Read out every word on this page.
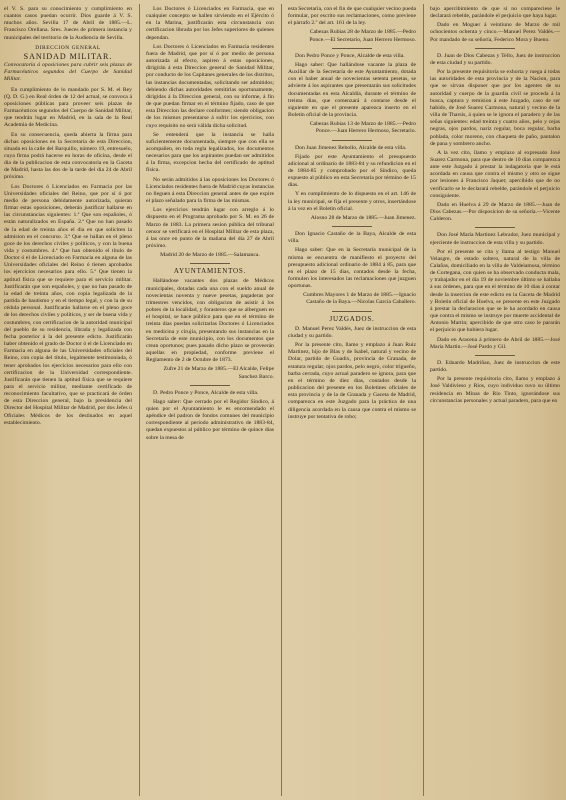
el V. S. para su conocimiento y cumplimiento en cuantos casos puedan ocurrir. Dios guarde á V. S. muchos años. Sevilla 17 de Abril de 1885.—L. Francisco Orellana. Sres. Jueces de primera instancia y municipales del territorio de la Audiencia de Sevilla.

DIRECCION GENERAL
SANIDAD MILITAR.

Convocatoria á oposiciones para cubrir seis plazas de Farmacéuticos segundos del Cuerpo de Sanidad Militar.

En cumplimiento de lo mandado por S. M. el Rey (Q. D. G.) en Real órden de 12 del actual, se convoca á oposiciones públicas para proveer seis plazas de Farmacéuticos segundos del Cuerpo de Sanidad Militar, que tendrán lugar en Madrid, en la sala de la Real Academia de Medicina.

En su consecuencia, queda abierta la firma para dichas oposiciones en la Secretaría de esta Direccion, situada en la calle del Barquillo, número 19, entresuelo, cuya firma podrá hacerse en horas de oficina, desde el dia de la publicacion de esta convocatoria en la Gaceta de Madrid, hasta las dos de la tarde del dia 24 de Abril próximo.

Los Doctores ó Licenciados en Farmacia por las Universidades oficiales del Reino, que por sí ó por medio de persona debidamente autorizada, quieran firmar estas oposiciones, deberán justificar hallarse en las circunstancias siguientes: 1.ª Que son españoles, ó están naturalizados en España. 2.ª Que no han pasado de la edad de treinta años el dia en que soliciten la admision en el concurso. 3.ª Que se hallan en el pleno goce de los derechos civiles y políticos, y con la buena vida y costumbres. 4.ª Que han obtenido el título de Doctor ó el de Licenciado en Farmacia en alguna de las Universidades oficiales del Reino ó tienen aprobados los ejercicios necesarios para ello. 5.ª Que tienen la aptitud física que se requiere para el servicio militar. Justificarán que son españoles, y que no han pasado de la edad de treinta años, con copia legalizada de la partida de bautismo y en el tiempo legal, y con la de su cédula personal. Justificarán hallarse en el pleno goce de los derechos civiles y políticos, y ser de buena vida y costumbres, con certificacion de la autoridad municipal del pueblo de su residencia, librada y legalizada con fecha posterior á la del presente edicto. Justificarán haber obtenido el grado de Doctor ó el de Licenciado en Farmacia en alguna de las Universidades oficiales del Reino, con copia del título, legalmente testimoniada, ó tener aprobados los ejercicios necesarios para ello con certificacion de la Universidad correspondiente. Justificarán que tienen la aptitud física que se requiere para el servicio militar, mediante certificado de reconocimiento facultativo, que se practicará de órden de esta Direccion general, bajo la presidencia del Director del Hospital Militar de Madrid, por dos Jefes ú Oficiales Médicos de los destinados en aquel establecimiento.

Los Doctores ó Licenciados en Farmacia, que en cualquier concepto se hallen sirviendo en el Ejército ó en la Marina, justificarán esta circunstancia con certificacion librada por los Jefes superiores de quienes dependan.

Los Doctores ó Licenciados en Farmacia residentes fuera de Madrid, que por sí ó por medio de persona autorizada al efecto, aspiren á estas oposiciones, dirigirán á esta Direccion general de Sanidad Militar, por conducto de los Capitanes generales de los distritos, las instancias documentadas, solicitando ser admitidos; debiendo dichas autoridades remitirlas oportunamente, dirigidas á la Direccion general, con su informe, á fin de que puedan firmar en el término fijado, caso de que esta Direccion las declare conformes; siendo obligacion de los mismos presentarse á sufrir los ejercicios, con cuyo requisito no será válida dicha solicitud.

Se entenderá que la instancia se halla suficientemente documentada, siempre que con ella se acompañen, en toda regla legalizados, los documentos necesarios para que los aspirantes puedan ser admitidos á la firma, excepcion hecha del certificado de aptitud física.

No serán admitidos á las oposiciones los Doctores ó Licenciados residentes fuera de Madrid cuyas instancias no lleguen á esta Direccion general antes de que expire el plazo señalado para la firma de las mismas.

Los ejercicios tendrán lugar con arreglo á lo dispuesto en el Programa aprobado por S. M. en 26 de Marzo de 1883. La primera sesion pública del tribunal censor se verificará en el Hospital Militar de esta plaza, á las once en punto de la mañana del dia 27 de Abril próximo.

Madrid 20 de Marzo de 1885.—Salamanca.

AYUNTAMIENTOS.

Hallándose vacantes dos plazas de Médicos municipales, dotadas cada una con el sueldo anual de novecientas noventa y nueve pesetas, pagaderas por trimestres vencidos, con obligacion de asistir á los pobres de la localidad, y forasteros que se alberguen en el hospital, se hace público para que en el término de treinta dias puedan solicitarlas Doctores ó Licenciados en medicina y cirujía, presentando sus instancias en la Secretaría de este municipio, con los documentos que crean oportunos; pues pasado dicho plazo se proveerán aquellas en propiedad, conforme previene el Reglamento de 2 de Octubre de 1873.

Zufre 21 de Marzo de 1885.—El Alcalde, Felipe Sanchez Barco.

D. Pedro Ponce y Ponce, Alcalde de esta villa.

Hago saber: Que cerrado por el Regidor Síndico, á quien por el Ayuntamiento le es encomendado el apéndice del padron de fondos comunes del municipio correspondiente al periodo administrativo de 1883-84, quedan expuestos al público por término de quince dias sobre la mesa de

esta Secretaría, con el fin de que cualquier vecino pueda formular, por escrito sus reclamaciones, como previene el párrafo 2.º del art. 161 de la ley.

Cabezas Rubias 28 de Marzo de 1885.—Pedro Ponce.—El Secretario, Juan Herrero Hermoso.

Don Pedro Ponce y Ponce, Alcalde de esta villa.

Hago saber: Que hallándose vacante la plaza de Auxiliar de la Secretaría de este Ayuntamiento, dotada con el haber anual de novecientas setenta pesetas, se advierte á los aspirantes que presentarán sus solicitudes documentadas en esta Alcaldía, durante el término de treinta dias, que comenzará á contarse desde el siguiente en que el presente aparezca inserto en el Boletin oficial de la provincia.

Cabezas Rubias 13 de Marzo de 1885.—Pedro Ponce.—Juan Herrero Hermoso, Secretario.

Don Juan Jimenez Rebollo, Alcalde de esta villa.

Fijado por este Ayuntamiento el presupuesto adicional al ordinario de 1883-84 y su refundicion en el de 1884-85 y comprobado por el Síndico, queda expuesto al público en esta Secretaría por término de 15 dias.

Y en cumplimiento de lo dispuesto en el art. 146 de la ley municipal, se fija el presente y otros, insertándose á la vez en el Boletin oficial.

Alosno 28 de Marzo de 1885.—Juan Jimenez.

Don Ignacio Castaño de la Baya, Alcalde de esta villa.

Hago saber: Que en la Secretaría municipal de la misma se encuentra de manifiesto el proyecto del presupuesto adicional ordinario de 1884 á 85, para que en el plazo de 15 dias, contados desde la fecha, formulen los interesados las reclamaciones que juzguen oportunas.

Cumbres Mayores 1 de Marzo de 1885.—Ignacio Castaño de la Baya.—Nicolas García Caballero.

JUZGADOS.

D. Manuel Perez Valdés, Juez de instruccion de esta ciudad y su partido.

Por la presente cito, llamo y emplazo á Juan Ruiz Martinez, hijo de Blas y de Isabel, natural y vecino de Dolar, partido de Guadix, provincia de Granada, de estatura regular, ojos pardos, pelo negro, color trigueño, barba cerrada, cuyo actual paradero se ignora, para que en el término de diez dias, contados desde la publicacion del presente en los Boletines oficiales de esta provincia y de la de Granada y Gaceta de Madrid, comparezca en este Juzgado para la práctica de una diligencia acordada en la causa que contra el mismo se instruye por tentativa de robo;

bajo apercibimiento de que si no compareciese le declarará rebelde, parándole el perjuicio que haya lugar.

Dado en Moguer á veintiuno de Marzo de mil ochocientos ochenta y cinco.—Manuel Perez Valdés.—Por mandado de su señoría, Federico Mora y Bueno.

D. Juan de Dios Cabezas y Tello, Juez de instruccion de esta ciudad y su partido.

Por la presente requisitoria se exhorta y ruega á todas las autoridades de esta provincia y de la Nacion, para que se sirvan disponer que por los agentes de su autoridad y cuerpo de la guardia civil se proceda á la busca, captura y remision á este Juzgado, caso de ser habido, de José Suarez Carmona, natural y vecino de la villa de Tharsis, á quien se le ignora el paradero y de las señas siguientes: edad treinta y cuatro años, pelo y cejas negras, ojos pardos, nariz regular, boca regular, barba poblada, color moreno, con chaqueta de paño, pantalon de pana y sombrero ancho.

A la vez cito, llamo y emplazo al expresado José Suarez Carmona, para que dentro de 10 dias comparezca ante este Juzgado á prestar la indagatoria que le está acordada en causa que contra el mismo y otro se sigue por lesiones á Francisco Jaquet; apercibido que de no verificarlo se le declarará rebelde, parándole el perjuicio consiguiente.

Dado en Huelva á 29 de Marzo de 1885.—Juan de Dios Cabezas.—Por disposicion de su señoría.—Vicente Calderon.

Don José María Martinez Lebrador, Juez municipal y ejerciente de instruccion de esta villa y su partido.

Por el presente se cita y llama al testigo Manuel Velasgre, de estado soltero, natural de la villa de Calañas, domiciliado en la villa de Valdelamusa, término de Cortegana, con quien se ha observado conducta mala, y trabajador en el dia 19 de noviembre último se hallaba á sus órdenes, para que en el término de 10 dias á contar desde la insercion de este edicto en la Gaceta de Madrid y Boletin oficial de Huelva, se presente en este Juzgado á prestar la declaracion que se le ha acordado en causa que contra el mismo se instruye por muerte accidental de Antonio Martin; apercibido de que otro caso le pararán el perjuicio que hubiera lugar.

Dado en Aracena á primero de Abril de 1885.—José María Martin.—José Pardo y Gil.

D. Eduardo Madriñan, Juez de instruccion de este partido.

Por la presente requisitoria cito, llamo y emplazo á José Valdivieso y Rios, cuyo individuo tuvo su último residencia en Minas de Rio Tinto, ignorándose sus circunstancias personales y actual paradero, para que en
